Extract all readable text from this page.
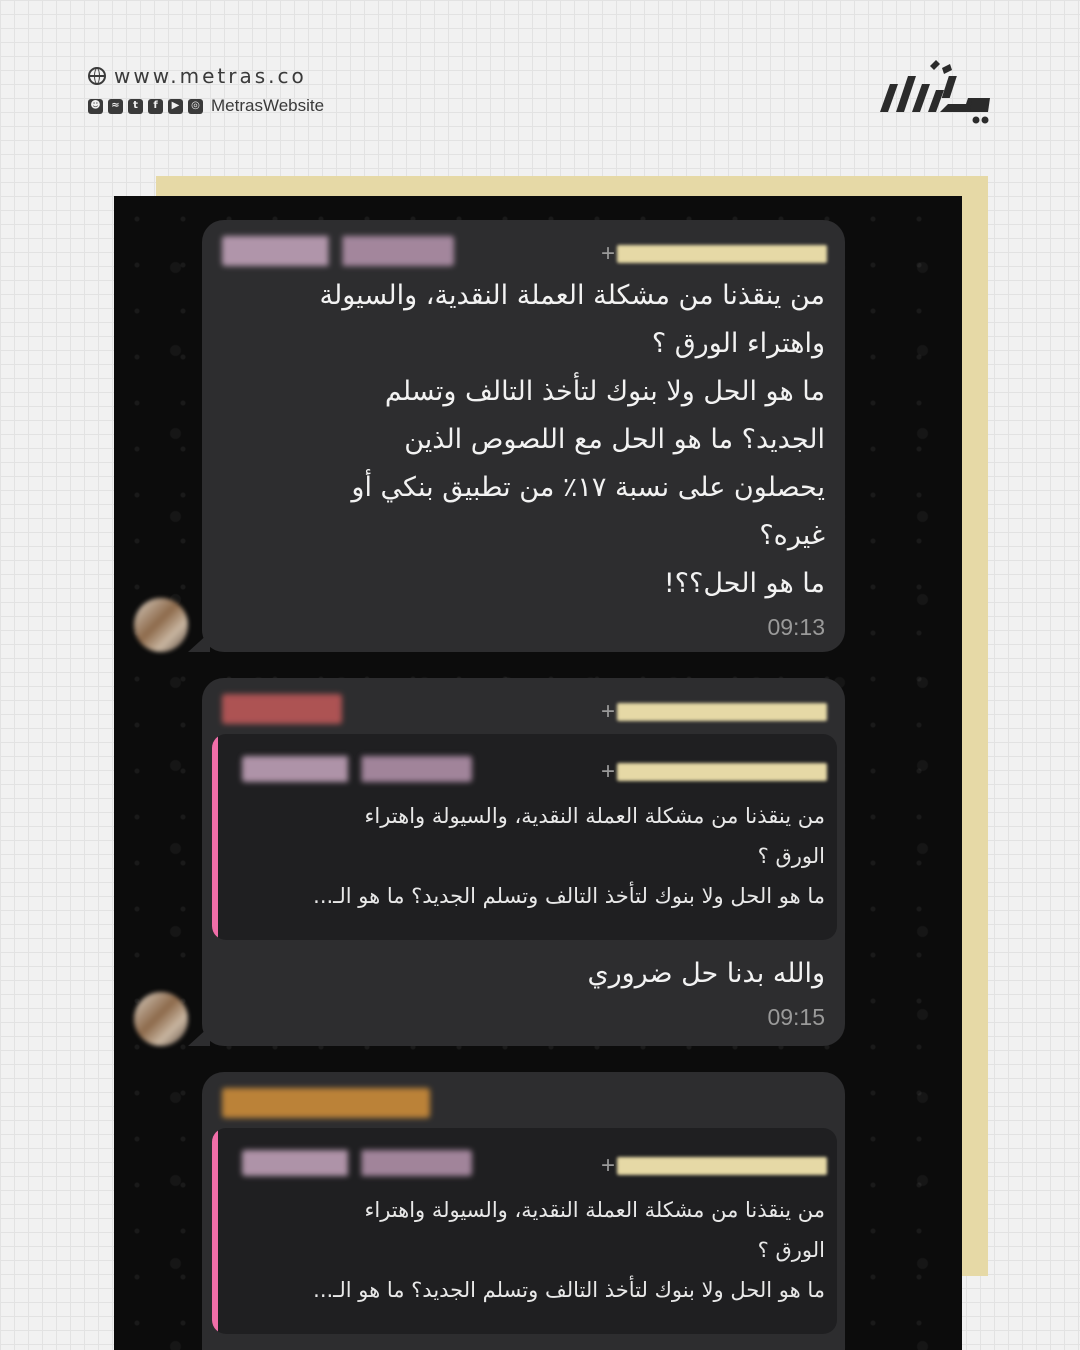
www.metras.co
☻	≈	t	f	▶	◎ MetrasWebsite
+
من ينقذنا من مشكلة العملة النقدية، والسيولة
واهتراء الورق ؟
ما هو الحل ولا بنوك لتأخذ التالف وتسلم
الجديد؟ ما هو الحل مع اللصوص الذين
يحصلون على نسبة ١٧٪ من تطبيق بنكي أو
غيره؟
ما هو الحل؟؟!
09:13
+
+
من ينقذنا من مشكلة العملة النقدية، والسيولة واهتراء
الورق ؟
ما هو الحل ولا بنوك لتأخذ التالف وتسلم الجديد؟ ما هو الـ...
والله بدنا حل ضروري
09:15
+
من ينقذنا من مشكلة العملة النقدية، والسيولة واهتراء
الورق ؟
ما هو الحل ولا بنوك لتأخذ التالف وتسلم الجديد؟ ما هو الـ...
